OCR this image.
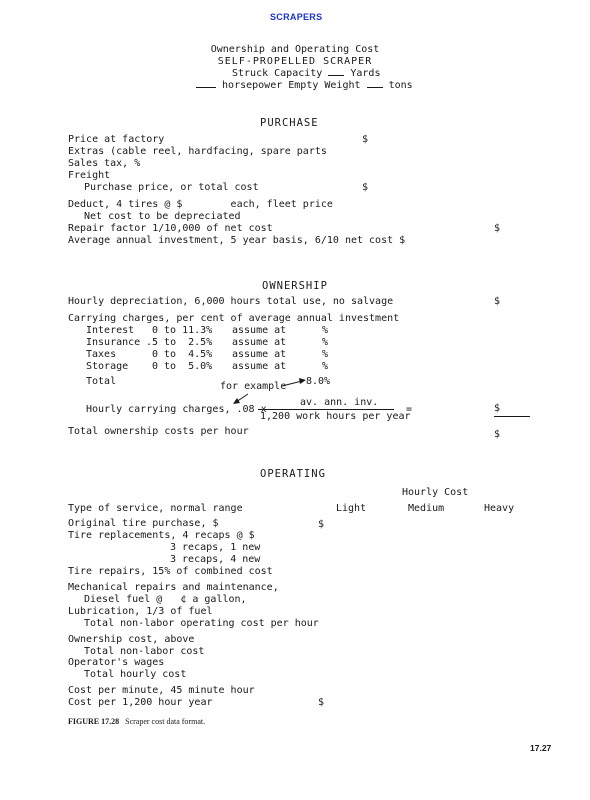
SCRAPERS
Ownership and Operating Cost
SELF-PROPELLED SCRAPER
Struck Capacity	Yards
horsepower Empty Weight	tons
PURCHASE
Price at factory	$
Extras (cable reel, hardfacing, spare parts
Sales tax, %
Freight
Purchase price, or total cost	$
Deduct, 4 tires @ $        each, fleet price
Net cost to be depreciated
Repair factor 1/10,000 of net cost	$
Average annual investment, 5 year basis, 6/10 net cost $
OWNERSHIP
Hourly depreciation, 6,000 hours total use, no salvage	$
Carrying charges, per cent of average annual investment
Interest 0 to 11.3% assume at	%
Insurance .5 to  2.5% assume at	%
Taxes	0 to  4.5% assume at	%
Storage 0 to  5.0% assume at	%
Total	for example 8.0%
av. ann. inv.
Hourly carrying charges, .08 x
1,200 work hours per year
=	$
Total ownership costs per hour	$
OPERATING
Hourly Cost
Type of service, normal range	Light	Medium	Heavy
Original tire purchase, $	$
Tire replacements, 4 recaps @ $
3 recaps, 1 new
3 recaps, 4 new
Tire repairs, 15% of combined cost
Mechanical repairs and maintenance,
Diesel fuel @   ¢ a gallon,
Lubrication, 1/3 of fuel
Total non-labor operating cost per hour
Ownership cost, above
Total non-labor cost
Operator's wages
Total hourly cost
Cost per minute, 45 minute hour
Cost per 1,200 hour year	$
FIGURE 17.28 Scraper cost data format.
17.27
